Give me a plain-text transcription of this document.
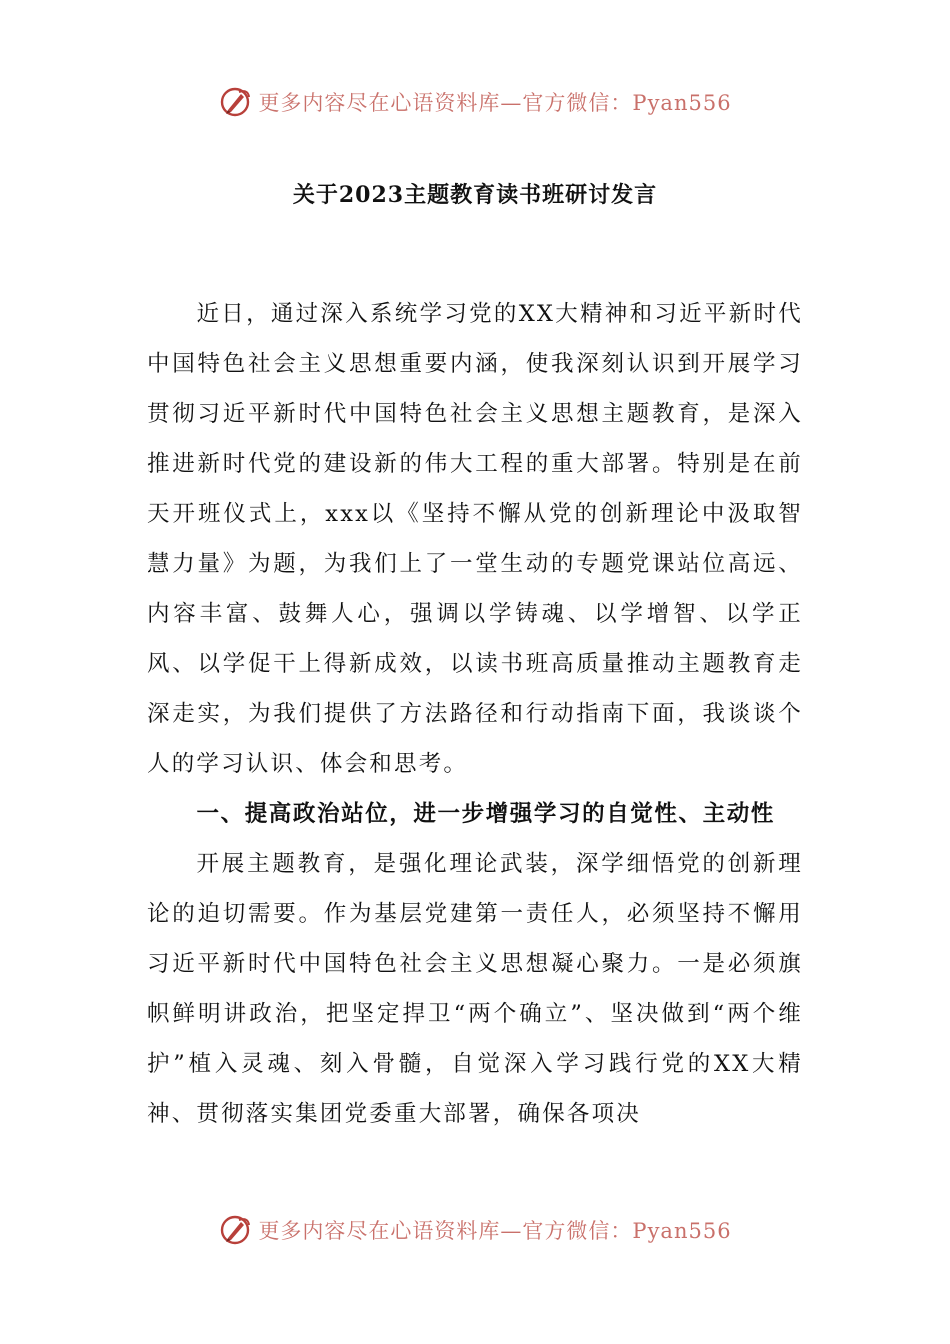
更多内容尽在心语资料库—官方微信：Pyan556
关于2023主题教育读书班研讨发言

近日，通过深入系统学习党的XX大精神和习近平新时代中国特色社会主义思想重要内涵，使我深刻认识到开展学习贯彻习近平新时代中国特色社会主义思想主题教育，是深入推进新时代党的建设新的伟大工程的重大部署。特别是在前天开班仪式上，xxx以《坚持不懈从党的创新理论中汲取智慧力量》为题，为我们上了一堂生动的专题党课站位高远、内容丰富、鼓舞人心，强调以学铸魂、以学增智、以学正风、以学促干上得新成效，以读书班高质量推动主题教育走深走实，为我们提供了方法路径和行动指南下面，我谈谈个人的学习认识、体会和思考。

一、提高政治站位，进一步增强学习的自觉性、主动性

开展主题教育，是强化理论武装，深学细悟党的创新理论的迫切需要。作为基层党建第一责任人，必须坚持不懈用习近平新时代中国特色社会主义思想凝心聚力。一是必须旗帜鲜明讲政治，把坚定捍卫“两个确立”、坚决做到“两个维护”植入灵魂、刻入骨髓，自觉深入学习践行党的XX大精神、贯彻落实集团党委重大部署，确保各项决

更多内容尽在心语资料库—官方微信：Pyan556
